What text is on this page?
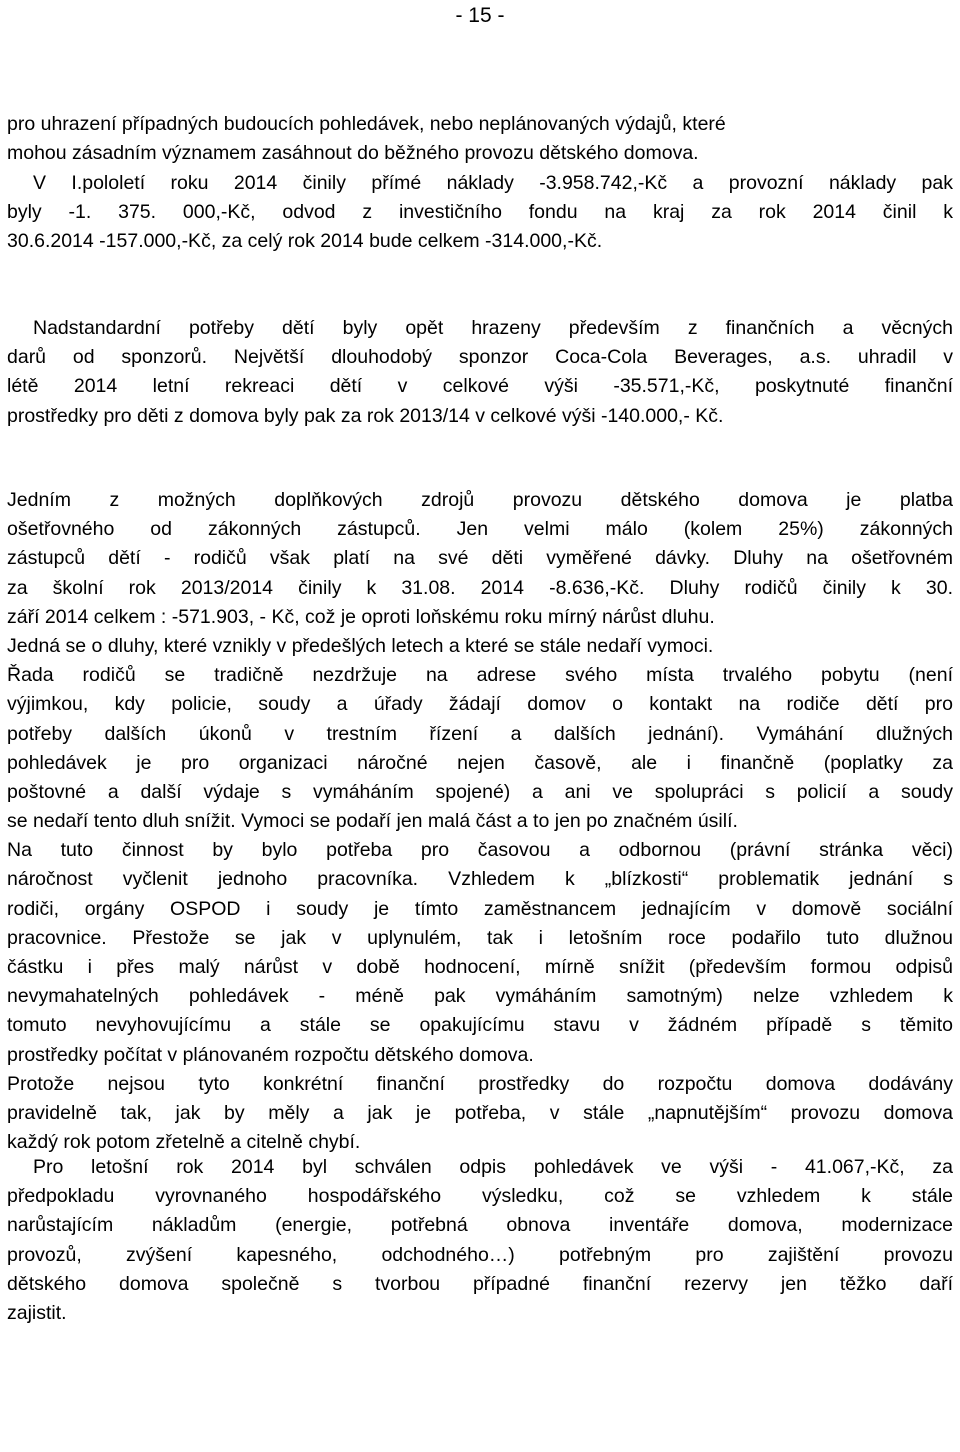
- 15 -
pro uhrazení případných budoucích pohledávek, nebo neplánovaných výdajů, které
mohou zásadním významem zasáhnout do běžného provozu dětského domova.
V I.pololetí roku 2014 činily přímé náklady -3.958.742,-Kč a provozní náklady pak
byly -1. 375. 000,-Kč, odvod z investičního fondu na kraj za rok 2014 činil k
30.6.2014 -157.000,-Kč, za celý rok 2014 bude celkem -314.000,-Kč.
Nadstandardní potřeby dětí byly opět hrazeny především z finančních a věcných
darů od sponzorů. Největší dlouhodobý sponzor Coca-Cola Beverages, a.s. uhradil v
létě 2014 letní rekreaci dětí v celkové výši -35.571,-Kč, poskytnuté finanční
prostředky pro děti z domova byly pak za rok 2013/14 v celkové výši -140.000,- Kč.
Jedním z možných doplňkových zdrojů provozu dětského domova je platba
ošetřovného od zákonných zástupců. Jen velmi málo (kolem 25%) zákonných
zástupců dětí - rodičů však platí na své děti vyměřené dávky. Dluhy na ošetřovném
za školní rok 2013/2014 činily k 31.08. 2014 -8.636,-Kč. Dluhy rodičů činily k 30.
září 2014 celkem : -571.903, - Kč, což je oproti loňskému roku mírný nárůst dluhu.
Jedná se o dluhy, které vznikly v předešlých letech a které se stále nedaří vymoci.
Řada rodičů se tradičně nezdržuje na adrese svého místa trvalého pobytu (není
výjimkou, kdy policie, soudy a úřady žádají domov o kontakt na rodiče dětí pro
potřeby dalších úkonů v trestním řízení a dalších jednání). Vymáhání dlužných
pohledávek je pro organizaci náročné nejen časově, ale i finančně (poplatky za
poštovné a další výdaje s vymáháním spojené) a ani ve spolupráci s policií a soudy
se nedaří tento dluh snížit. Vymoci se podaří jen malá část a to jen po značném úsilí.
Na tuto činnost by bylo potřeba pro časovou a odbornou (právní stránka věci)
náročnost vyčlenit jednoho pracovníka. Vzhledem k „blízkosti“ problematik jednání s
rodiči, orgány OSPOD i soudy je tímto zaměstnancem jednajícím v domově sociální
pracovnice. Přestože se jak v uplynulém, tak i letošním roce podařilo tuto dlužnou
částku i přes malý nárůst v době hodnocení, mírně snížit (především formou odpisů
nevymahatelných pohledávek - méně pak vymáháním samotným) nelze vzhledem k
tomuto nevyhovujícímu a stále se opakujícímu stavu v žádném případě s těmito
prostředky počítat v plánovaném rozpočtu dětského domova.
Protože nejsou tyto konkrétní finanční prostředky do rozpočtu domova dodávány
pravidelně tak, jak by měly a jak je potřeba, v stále „napnutějším“ provozu domova
každý rok potom zřetelně a citelně chybí.
Pro letošní rok 2014 byl schválen odpis pohledávek ve výši - 41.067,-Kč, za
předpokladu vyrovnaného hospodářského výsledku, což se vzhledem k stále
narůstajícím nákladům (energie, potřebná obnova inventáře domova, modernizace
provozů, zvýšení kapesného, odchodného…) potřebným pro zajištění provozu
dětského domova společně s tvorbou případné finanční rezervy jen těžko daří
zajistit.
